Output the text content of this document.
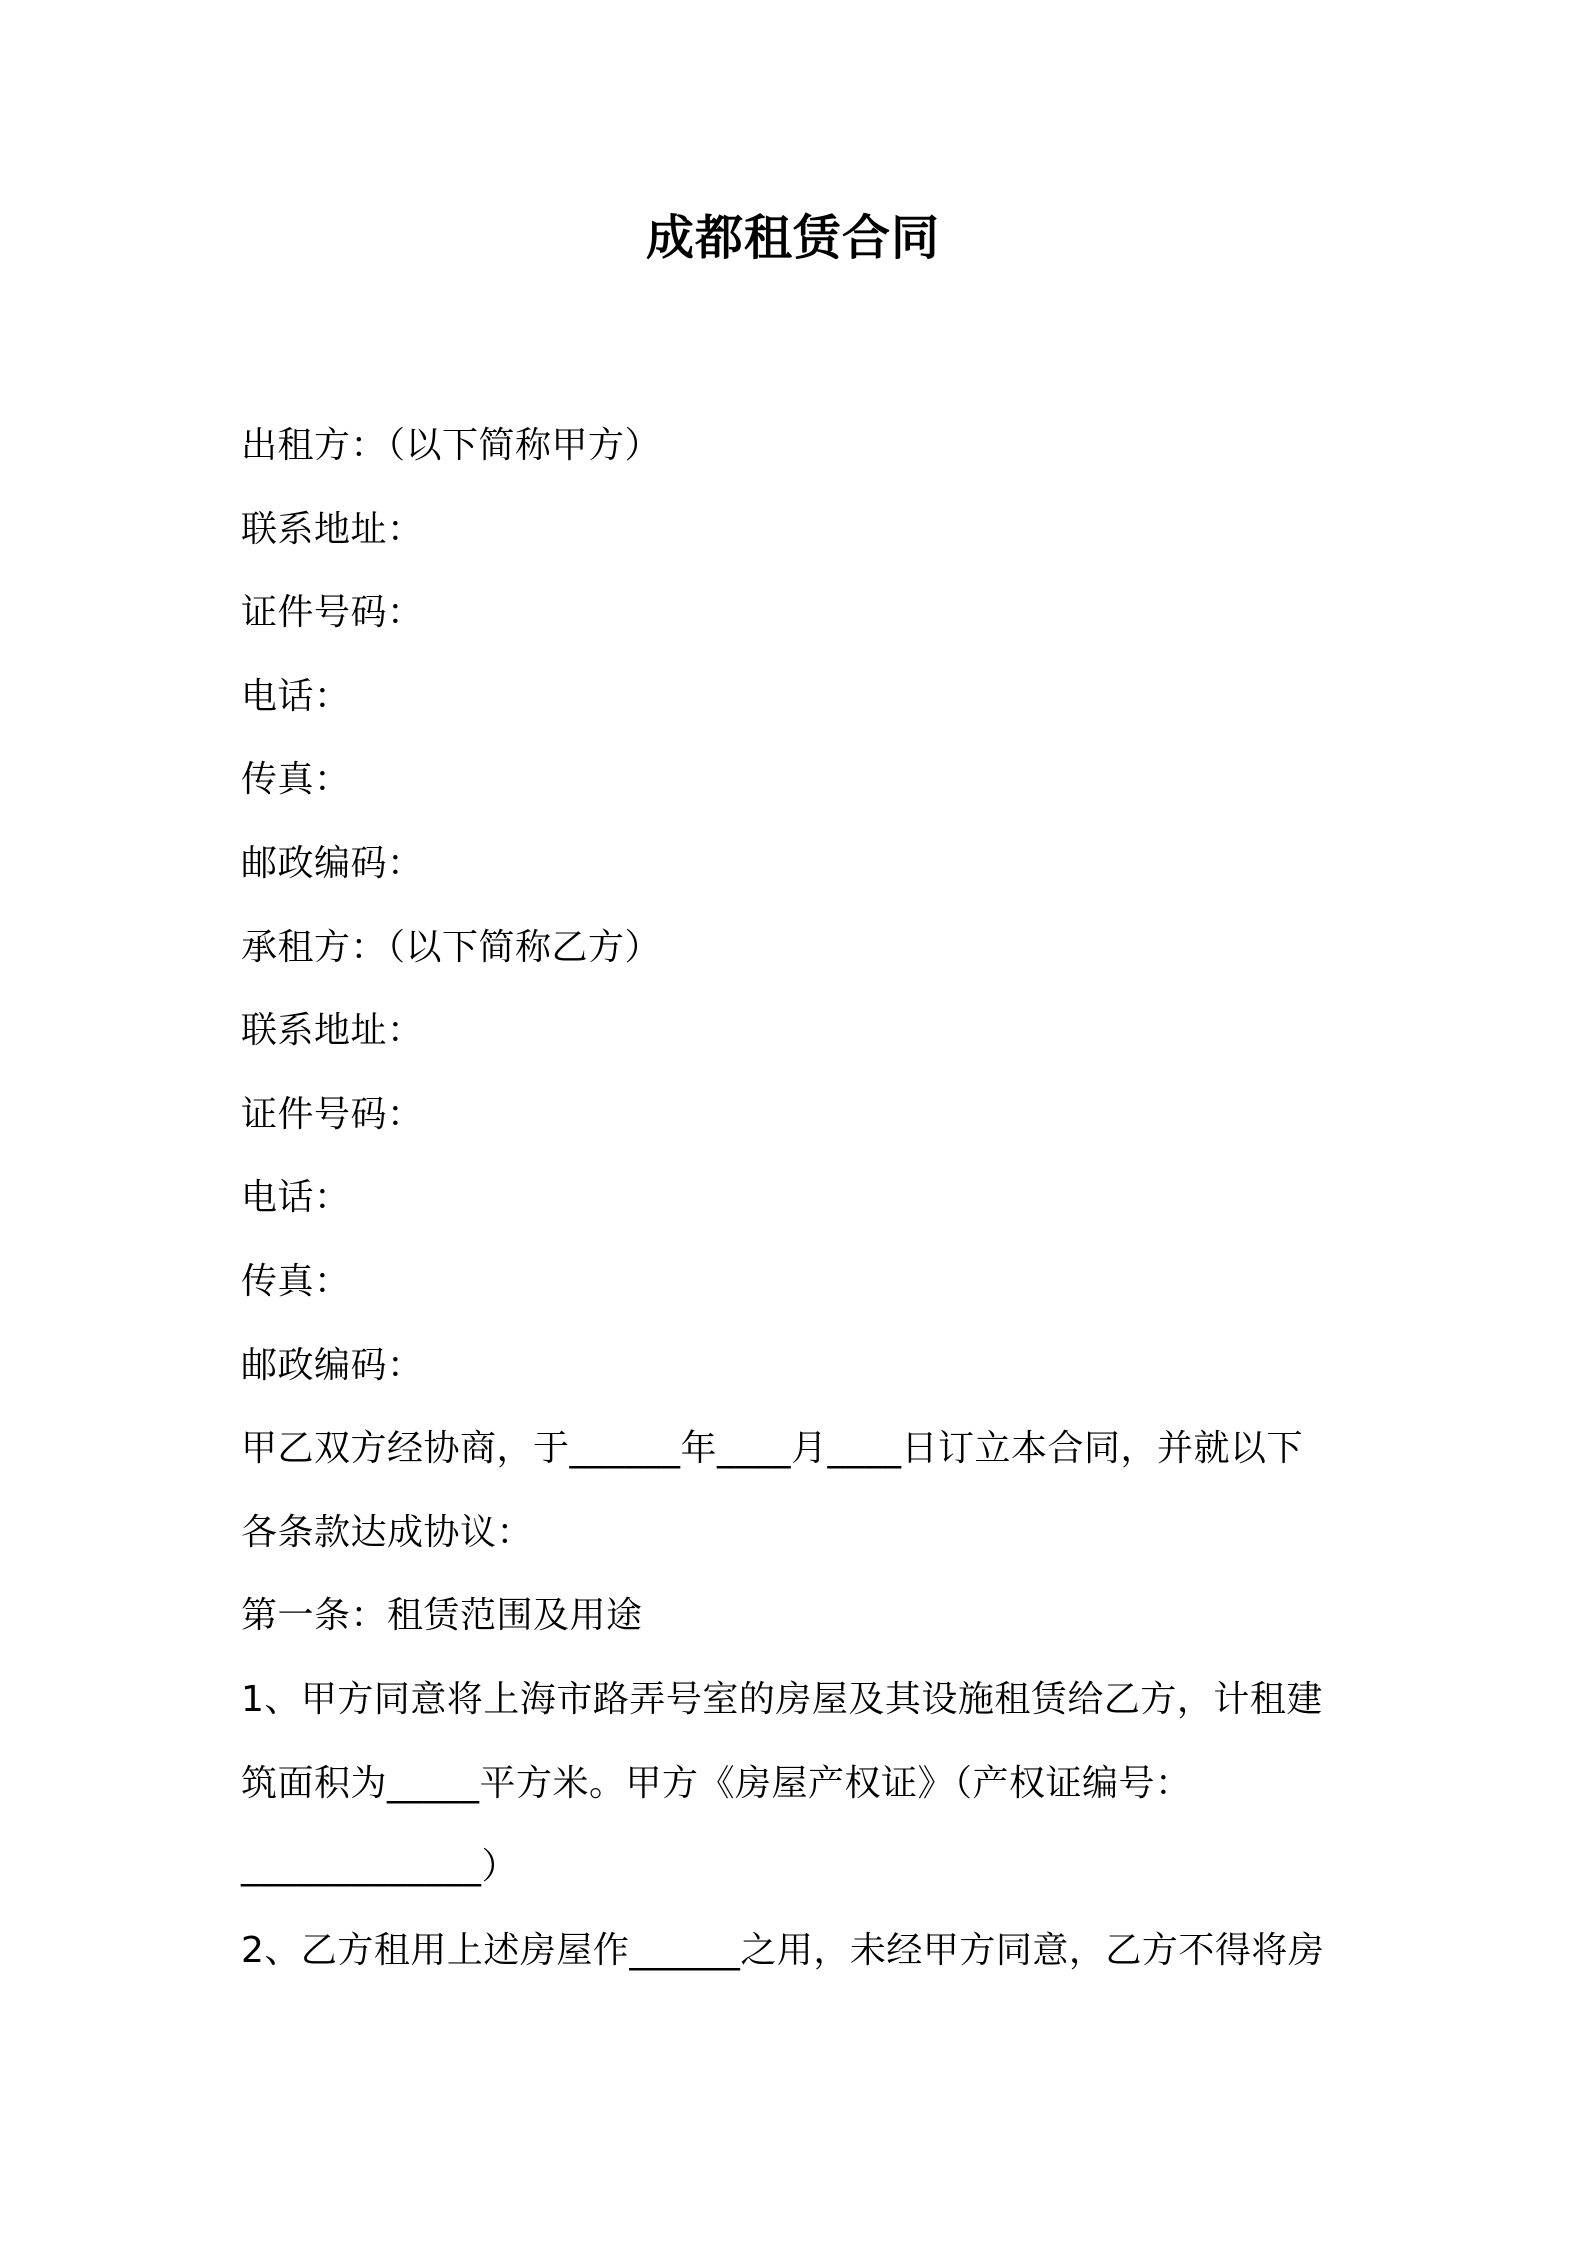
成都租赁合同
出租方：（以下简称甲方）
联系地址：
证件号码：
电话：
传真：
邮政编码：
承租方：（以下简称乙方）
联系地址：
证件号码：
电话：
传真：
邮政编码：
甲乙双方经协商，于______年____月____日订立本合同，并就以下
各条款达成协议：
第一条：租赁范围及用途
1、甲方同意将上海市路弄号室的房屋及其设施租赁给乙方，计租建
筑面积为_____平方米。甲方《房屋产权证》（产权证编号：
_____________）
2、乙方租用上述房屋作______之用，未经甲方同意，乙方不得将房
